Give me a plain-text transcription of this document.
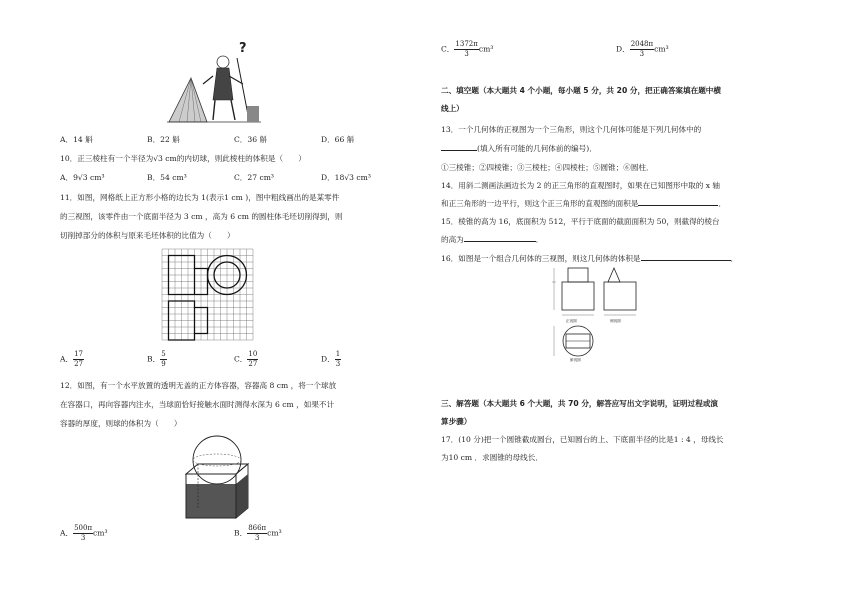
?
A．14 斛	B．22 斛	C．36 斛	D．66 斛
10．正三棱柱有一个半径为√3 cm的内切球，则此棱柱的体积是（　　）
A．9√3 cm³	B．54 cm³	C．27 cm³	D．18√3 cm³
11．如图，网格纸上正方形小格的边长为 1(表示1 cm )，图中粗线画出的是某零件
的三视图，该零件由一个底面半径为 3 cm ，高为 6 cm 的圆柱体毛坯切削得到，则
切削掉部分的体积与原来毛坯体积的比值为（　　）
A． $\frac{17}{27}$	B． $\frac{5}{9}$	C． $\frac{10}{27}$	D． $\frac{1}{3}$
12．如图，有一个水平放置的透明无盖的正方体容器，容器高 8 cm ，将一个球放
在容器口，再向容器内注水，当球面恰好接触水面时测得水深为 6 cm ，如果不计
容器的厚度，则球的体积为（　　）
A． $\frac{500\pi}{3} cm^3$	B． $\frac{866\pi}{3} cm^3$
C． $\frac{1372\pi}{3} cm^3$	D． $\frac{2048\pi}{3} cm^3$
二、填空题（本大题共 4 个小题，每小题 5 分，共 20 分，把正确答案填在题中横
线上）
13．一个几何体的正视图为一个三角形，则这个几何体可能是下列几何体中的
(填入所有可能的几何体前的编号)．
①三棱锥；②四棱锥；③三棱柱；④四棱柱；⑤圆锥；⑥圆柱．
14．用斜二测画法画边长为 2 的正三角形的直观图时，如果在已知图形中取的 x 轴
和正三角形的一边平行，则这个正三角形的直观图的面积是	．
15．棱锥的高为 16，底面积为 512，平行于底面的截面面积为 50，则截得的棱台
的高为	．
16．如图是一个组合几何体的三视图，则这几何体的体积是	．
正视图	侧视图
俯视图
三、解答题（本大题共 6 个大题，共 70 分，解答应写出文字说明，证明过程或演
算步骤）
17．(10 分)把一个圆锥截成圆台，已知圆台的上、下底面半径的比是1 : 4 ，母线长
为10 cm ．求圆锥的母线长．
